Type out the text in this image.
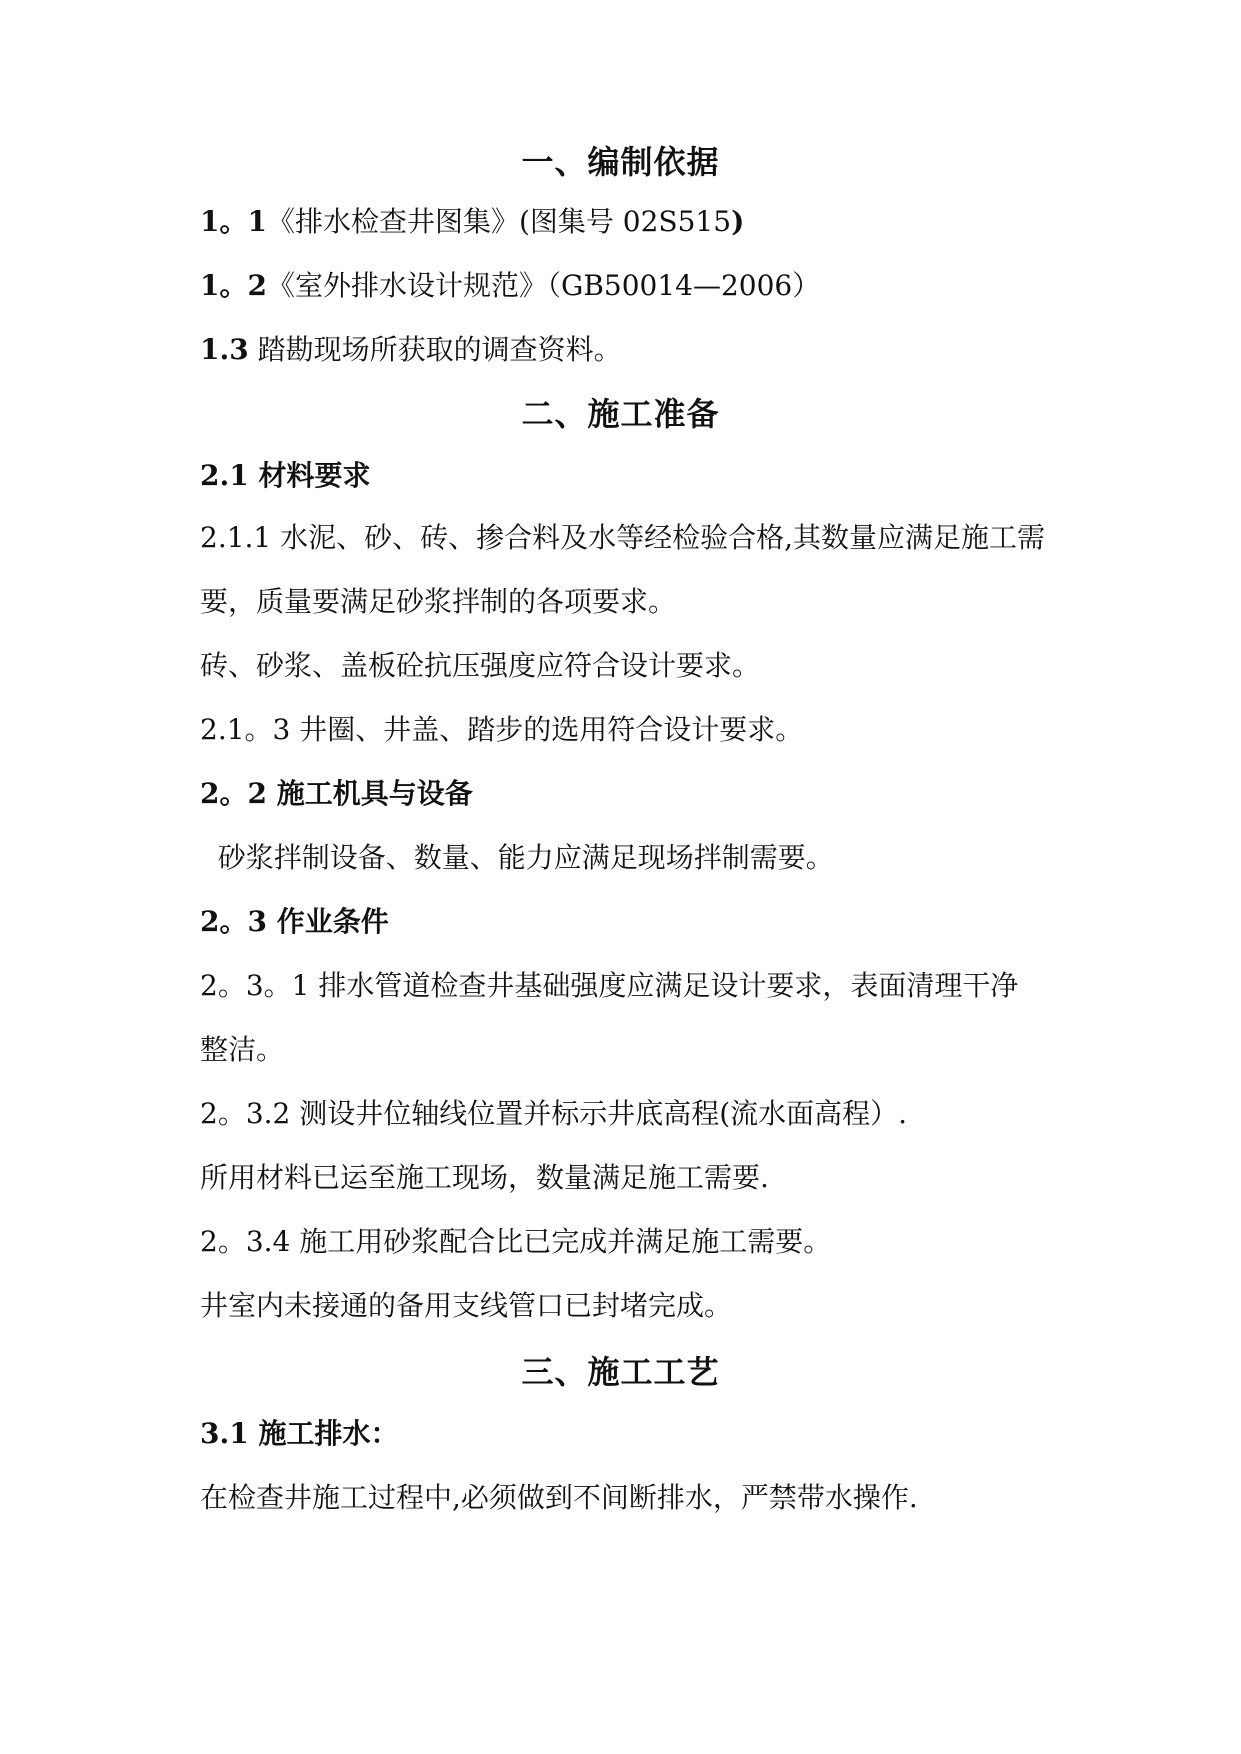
一、编制依据
1。1《排水检查井图集》(图集号 02S515)
1。2《室外排水设计规范》（GB50014—2006）
1.3 踏勘现场所获取的调查资料。
二、施工准备
2.1 材料要求
2.1.1 水泥、砂、砖、掺合料及水等经检验合格,其数量应满足施工需
要，质量要满足砂浆拌制的各项要求。
砖、砂浆、盖板砼抗压强度应符合设计要求。
2.1。3 井圈、井盖、踏步的选用符合设计要求。
2。2 施工机具与设备
砂浆拌制设备、数量、能力应满足现场拌制需要。
2。3 作业条件
2。3。1 排水管道检查井基础强度应满足设计要求，表面清理干净
整洁。
2。3.2 测设井位轴线位置并标示井底高程(流水面高程）.
所用材料已运至施工现场，数量满足施工需要.
2。3.4 施工用砂浆配合比已完成并满足施工需要。
井室内未接通的备用支线管口已封堵完成。
三、施工工艺
3.1 施工排水：
在检查井施工过程中,必须做到不间断排水，严禁带水操作.
